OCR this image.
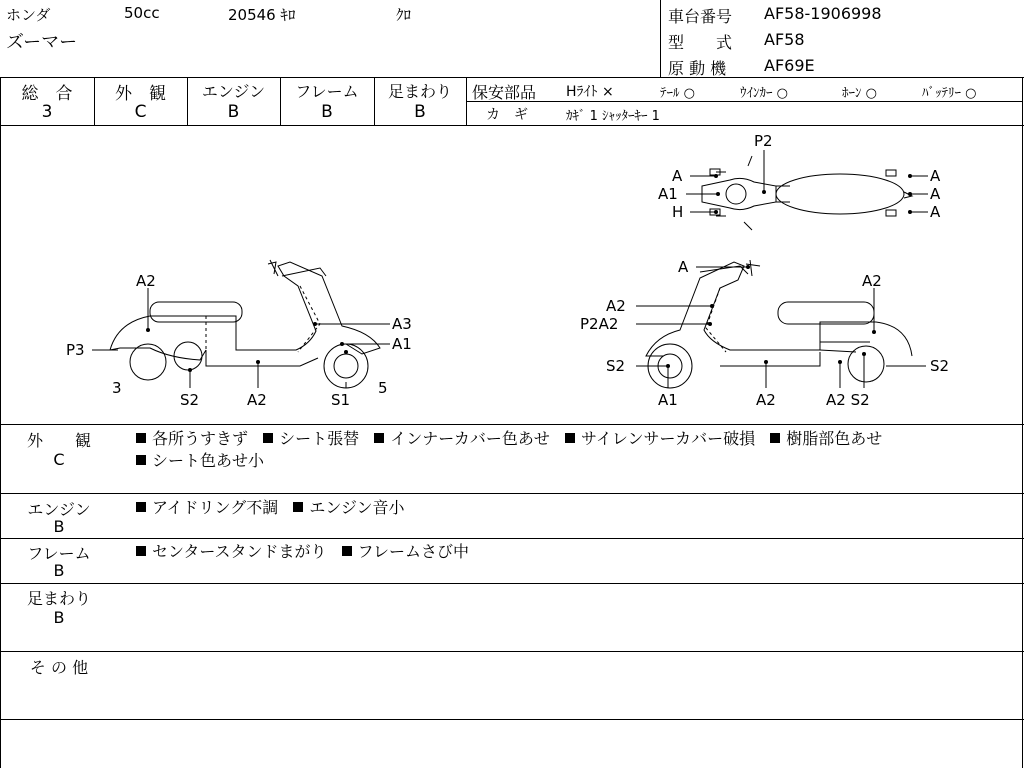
ホンダ	50cc	20546 ｷﾛ	ｸﾛ
ズーマー
車台番号 AF58-1906998
型　　式 AF58
原 動 機 AF69E
総　合
3
外　観
C
エンジン
B
フレーム
B
足まわり
B
保安部品 Hﾗｲﾄ ×	ﾃｰﾙ ○	ｳｲﾝｶｰ ○	ﾎｰﾝ ○	ﾊﾞｯﾃﾘｰ ○
カ　ギ	ｶｷﾞ 1 ｼｬｯﾀｰｷｰ 1
A2
A3
A1
P3
3
S2	A2	S1
5
P2
A
A1
H
A
A
A
A
A2
A2
P2A2
S2	S2
A1	A2	A2 S2
外　　観
C
各所うすきず シート張替 インナーカバー色あせ サイレンサーカバー破損 樹脂部色あせ
シート色あせ小
エンジン
B
アイドリング不調 エンジン音小
フレーム
B
センタースタンドまがり フレームさび中
足まわり
B
そ の 他
